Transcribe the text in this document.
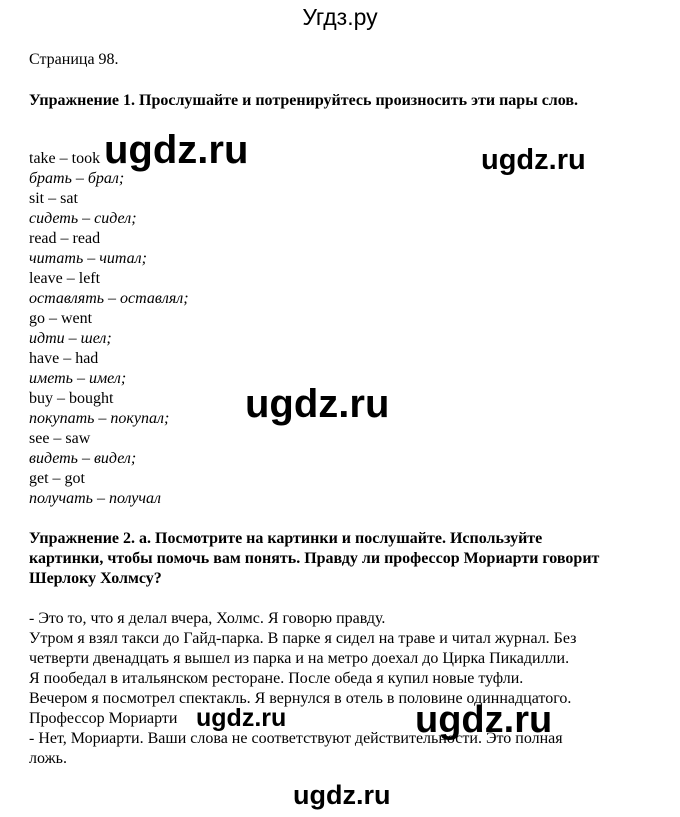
Угдз.ру
Страница 98.

Упражнение 1. Прослушайте и потренируйтесь произносить эти пары слов.

take – took
брать – брал;
sit – sat
сидеть – сидел;
read – read
читать – читал;
leave – left
оставлять – оставлял;
go – went
идти – шел;
have – had
иметь – имел;
buy – bought
покупать – покупал;
see – saw
видеть – видел;
get – got
получать – получал

Упражнение 2. а. Посмотрите на картинки и послушайте. Используйте картинки, чтобы помочь вам понять. Правду ли профессор Мориарти говорит Шерлоку Холмсу?

- Это то, что я делал вчера, Холмс. Я говорю правду.
Утром я взял такси до Гайд-парка. В парке я сидел на траве и читал журнал. Без
четверти двенадцать я вышел из парка и на метро доехал до Цирка Пикадилли.
Я пообедал в итальянском ресторане. После обеда я купил новые туфли.
Вечером я посмотрел спектакль. Я вернулся в отель в половине одиннадцатого.
Профессор Мориарти
- Нет, Мориарти. Ваши слова не соответствуют действительности. Это полная
ложь.
ugdz.ru	ugdz.ru
ugdz.ru
ugdz.ru	ugdz.ru
ugdz.ru
